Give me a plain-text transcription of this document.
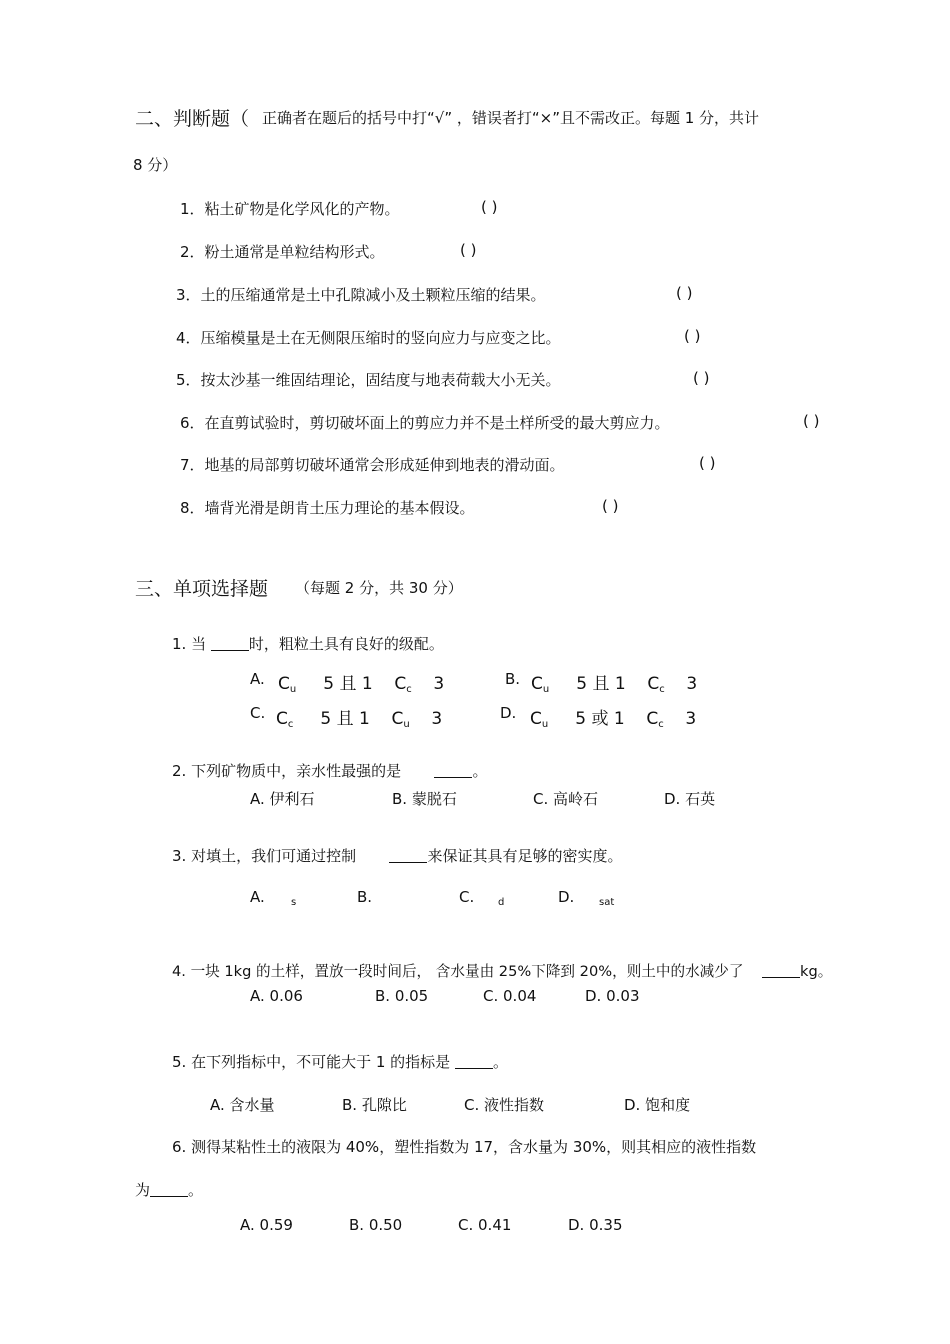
二、判断题（ 正确者在题后的括号中打“√” ，错误者打“×”且不需改正。每题 1 分，共计
8 分）
1．粘土矿物是化学风化的产物。	( )
2．粉土通常是单粒结构形式。	( )
3．土的压缩通常是土中孔隙减小及土颗粒压缩的结果。	( )
4．压缩模量是土在无侧限压缩时的竖向应力与应变之比。	( )
5．按太沙基一维固结理论，固结度与地表荷载大小无关。	( )
6．在直剪试验时，剪切破坏面上的剪应力并不是土样所受的最大剪应力。	( )
7．地基的局部剪切破坏通常会形成延伸到地表的滑动面。	( )
8．墙背光滑是朗肯土压力理论的基本假设。	( )
三、单项选择题 （每题 2 分，共 30 分）
1. 当	时，粗粒土具有良好的级配。
A. $C_u$ 5 且 1 $C_c$ 3	B. $C_u$ 5 且 1 $C_c$ 3
C. $C_c$ 5 且 1 $C_u$ 3	D. $C_u$ 5 或 1 $C_c$ 3
2. 下列矿物质中，亲水性最强的是	。
A. 伊利石	B. 蒙脱石	C. 高岭石	D. 石英
3. 对填土，我们可通过控制	来保证其具有足够的密实度。
A.	s	B.	C. d	D. sat
4. 一块 1kg 的土样，置放一段时间后， 含水量由 25%下降到 20%，则土中的水减少了	kg。
A. 0.06	B. 0.05	C. 0.04	D. 0.03
5. 在下列指标中，不可能大于 1 的指标是	。
A. 含水量	B. 孔隙比	C. 液性指数	D. 饱和度
6. 测得某粘性土的液限为 40%，塑性指数为 17，含水量为 30%，则其相应的液性指数
为	。
A. 0.59	B. 0.50	C. 0.41	D. 0.35
